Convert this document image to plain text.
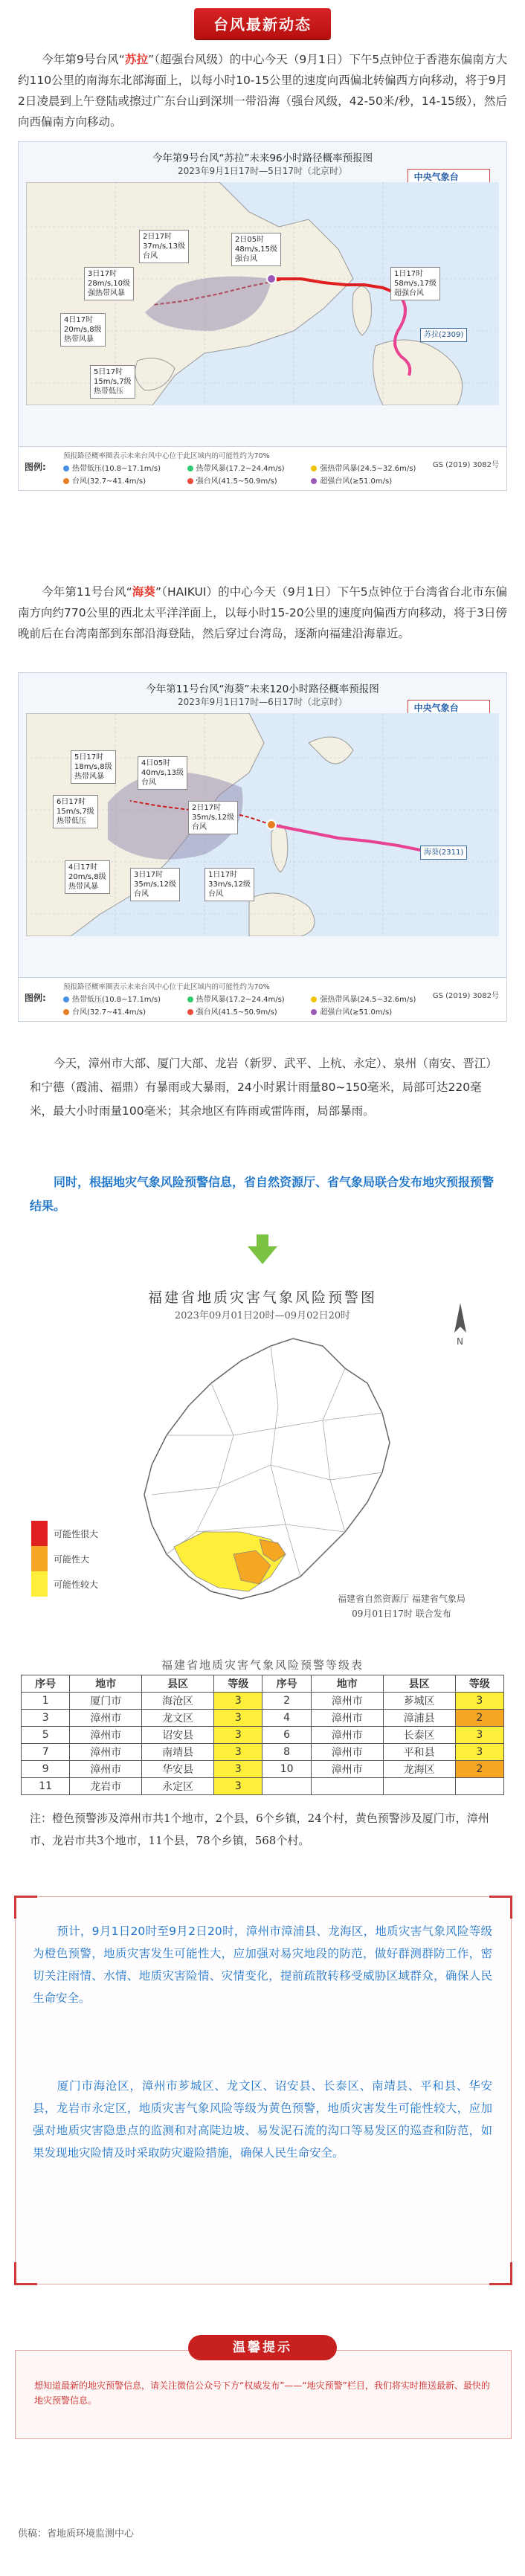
台风最新动态
今年第9号台风“苏拉”（超强台风级）的中心今天（9月1日）下午5点钟位于香港东偏南方大约110公里的南海东北部海面上，以每小时10-15公里的速度向西偏北转偏西方向移动，将于9月2日凌晨到上午登陆或擦过广东台山到深圳一带沿海（强台风级，42-50米/秒，14-15级），然后向西偏南方向移动。
今年第9号台风“苏拉”未来96小时路径概率预报图
2023年9月1日17时—5日17时（北京时）
中央气象台
2日17时
37m/s,13级
台风
3日17时
28m/s,10级
强热带风暴
2日05时
48m/s,15级
强台风
1日17时
58m/s,17级
超强台风
4日17时
20m/s,8级
热带风暴
5日17时
15m/s,7级
热带低压
苏拉(2309)
图例:
预报路径概率圈表示未来台风中心位于此区域内的可能性约为70%
热带低压(10.8~17.1m/s)	热带风暴(17.2~24.4m/s)	强热带风暴(24.5~32.6m/s)
台风(32.7~41.4m/s)	强台风(41.5~50.9m/s)	超强台风(≥51.0m/s)
GS (2019) 3082号
今年第11号台风“海葵”（HAIKUI）的中心今天（9月1日）下午5点钟位于台湾省台北市东偏南方向约770公里的西北太平洋洋面上，以每小时15-20公里的速度向偏西方向移动，将于3日傍晚前后在台湾南部到东部沿海登陆，然后穿过台湾岛，逐渐向福建沿海靠近。
今年第11号台风“海葵”未来120小时路径概率预报图
2023年9月1日17时—6日17时（北京时）
中央气象台
5日17时
18m/s,8级
热带风暴
6日17时
15m/s,7级
热带低压
4日17时
20m/s,8级
热带风暴
4日05时
40m/s,13级
台风
3日17时
35m/s,12级
台风
2日17时
35m/s,12级
台风
1日17时
33m/s,12级
台风
海葵(2311)
图例:
预报路径概率圈表示未来台风中心位于此区域内的可能性约为70%
热带低压(10.8~17.1m/s)	热带风暴(17.2~24.4m/s)	强热带风暴(24.5~32.6m/s)
台风(32.7~41.4m/s)	强台风(41.5~50.9m/s)	超强台风(≥51.0m/s)
GS (2019) 3082号
今天，漳州市大部、厦门大部、龙岩（新罗、武平、上杭、永定）、泉州（南安、晋江）和宁德（霞浦、福鼎）有暴雨或大暴雨，24小时累计雨量80~150毫米，局部可达220毫米，最大小时雨量100毫米；其余地区有阵雨或雷阵雨，局部暴雨。
同时，根据地灾气象风险预警信息，省自然资源厅、省气象局联合发布地灾预报预警结果。
福建省地质灾害气象风险预警图
2023年09月01日20时—09月02日20时
N
可能性很大
可能性大
可能性较大
福建省自然资源厅 福建省气象局
09月01日17时 联合发布
福建省地质灾害气象风险预警等级表
序号	地市	县区	等级	序号	地市	县区	等级
1	厦门市	海沧区	3	2	漳州市	芗城区	3
3	漳州市	龙文区	3	4	漳州市	漳浦县	2
5	漳州市	诏安县	3	6	漳州市	长泰区	3
7	漳州市	南靖县	3	8	漳州市	平和县	3
9	漳州市	华安县	3	10	漳州市	龙海区	2
11	龙岩市	永定区	3				
注：橙色预警涉及漳州市共1个地市，2个县，6个乡镇，24个村，黄色预警涉及厦门市，漳州市、龙岩市共3个地市，11个县，78个乡镇，568个村。
预计，9月1日20时至9月2日20时，漳州市漳浦县、龙海区，地质灾害气象风险等级为橙色预警，地质灾害发生可能性大，应加强对易灾地段的防范，做好群测群防工作，密切关注雨情、水情、地质灾害险情、灾情变化，提前疏散转移受威胁区域群众，确保人民生命安全。
厦门市海沧区，漳州市芗城区、龙文区、诏安县、长泰区、南靖县、平和县、华安县，龙岩市永定区，地质灾害气象风险等级为黄色预警，地质灾害发生可能性较大，应加强对地质灾害隐患点的监测和对高陡边坡、易发泥石流的沟口等易发区的巡查和防范，如果发现地灾险情及时采取防灾避险措施，确保人民生命安全。
温馨提示
想知道最新的地灾预警信息，请关注微信公众号下方“权威发布”——“地灾预警”栏目，我们将实时推送最新、最快的地灾预警信息。
供稿：省地质环境监测中心
